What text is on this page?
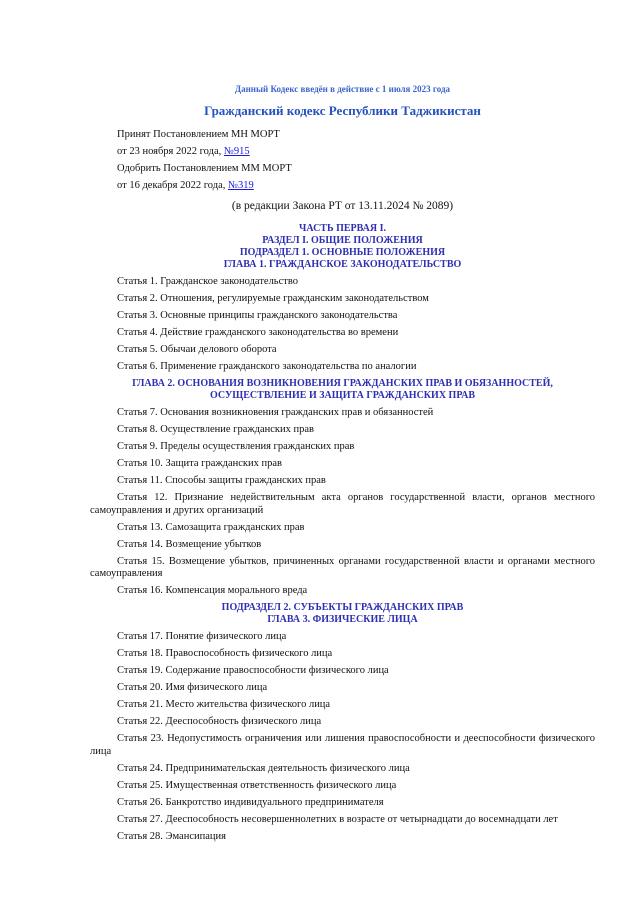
Данный Кодекс введён в действие с 1 июля 2023 года

Гражданский кодекс Республики Таджикистан

Принят Постановлением МН МОРТ

от 23 ноября 2022 года, №915

Одобрить Постановлением ММ МОРТ

от 16 декабря 2022 года, №319

(в редакции Закона РТ от 13.11.2024 № 2089)

ЧАСТЬ ПЕРВАЯ I.
РАЗДЕЛ I. ОБЩИЕ ПОЛОЖЕНИЯ
ПОДРАЗДЕЛ 1. ОСНОВНЫЕ ПОЛОЖЕНИЯ
ГЛАВА 1. ГРАЖДАНСКОЕ ЗАКОНОДАТЕЛЬСТВО

Статья 1. Гражданское законодательство

Статья 2. Отношения, регулируемые гражданским законодательством

Статья 3. Основные принципы гражданского законодательства

Статья 4. Действие гражданского законодательства во времени

Статья 5. Обычаи делового оборота

Статья 6. Применение гражданского законодательства по аналогии

ГЛАВА 2. ОСНОВАНИЯ ВОЗНИКНОВЕНИЯ ГРАЖДАНСКИХ ПРАВ И ОБЯЗАННОСТЕЙ,
ОСУЩЕСТВЛЕНИЕ И ЗАЩИТА ГРАЖДАНСКИХ ПРАВ

Статья 7. Основания возникновения гражданских прав и обязанностей

Статья 8. Осуществление гражданских прав

Статья 9. Пределы осуществления гражданских прав

Статья 10. Защита гражданских прав

Статья 11. Способы защиты гражданских прав

Статья 12. Признание недействительным акта органов государственной власти, органов местного самоуправления и других организаций

Статья 13. Самозащита гражданских прав

Статья 14. Возмещение убытков

Статья 15. Возмещение убытков, причиненных органами государственной власти и органами местного самоуправления

Статья 16. Компенсация морального вреда

ПОДРАЗДЕЛ 2. СУБЪЕКТЫ ГРАЖДАНСКИХ ПРАВ
ГЛАВА 3. ФИЗИЧЕСКИЕ ЛИЦА

Статья 17. Понятие физического лица

Статья 18. Правоспособность физического лица

Статья 19. Содержание правоспособности физического лица

Статья 20. Имя физического лица

Статья 21. Место жительства физического лица

Статья 22. Дееспособность физического лица

Статья 23. Недопустимость ограничения или лишения правоспособности и дееспособности физического лица

Статья 24. Предпринимательская деятельность физического лица

Статья 25. Имущественная ответственность физического лица

Статья 26. Банкротство индивидуального предпринимателя

Статья 27. Дееспособность несовершеннолетних в возрасте от четырнадцати до восемнадцати лет

Статья 28. Эмансипация
